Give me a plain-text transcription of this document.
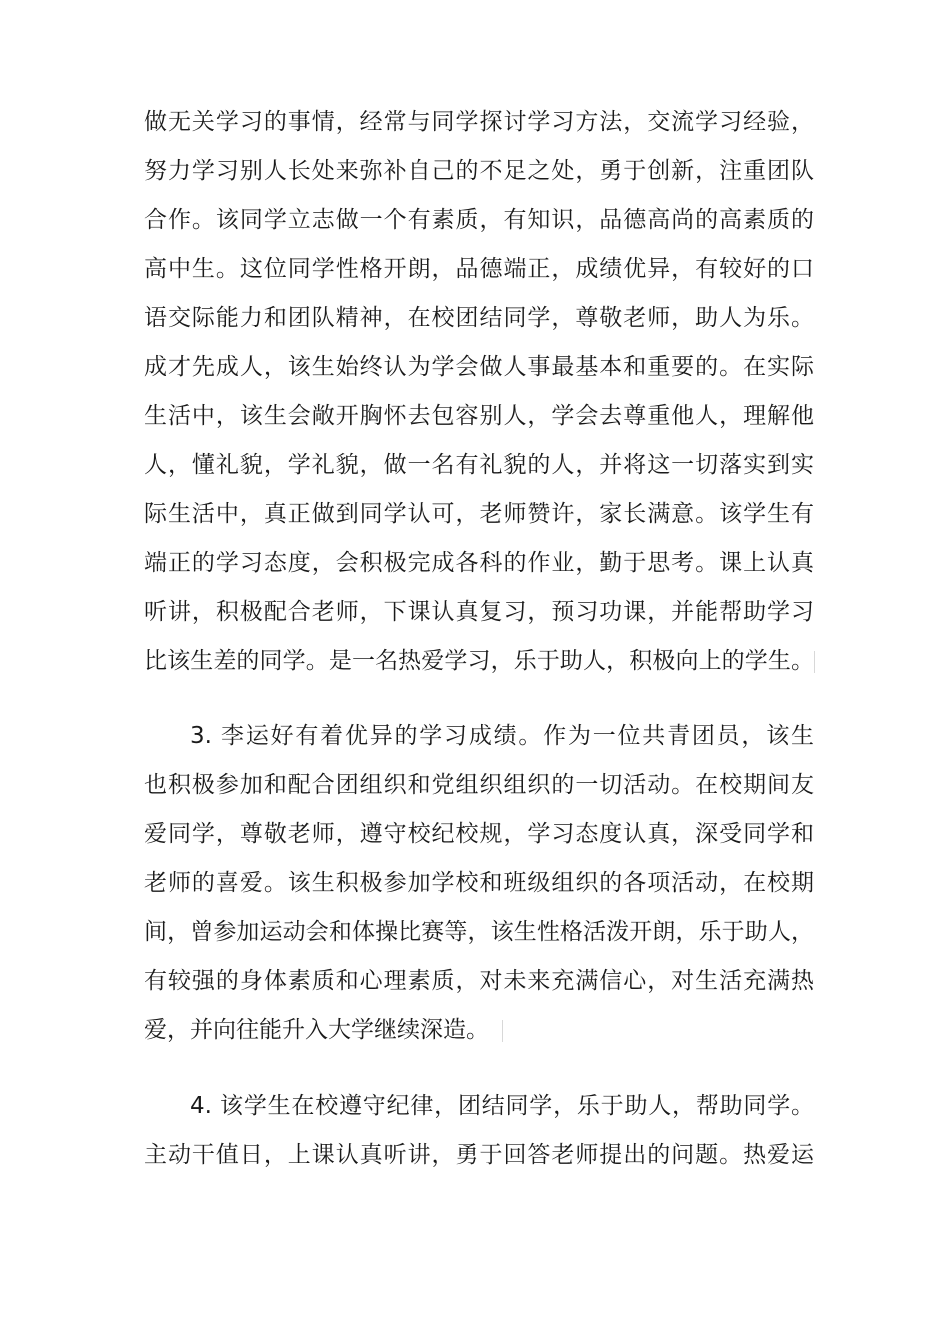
做无关学习的事情，经常与同学探讨学习方法，交流学习经验，
努力学习别人长处来弥补自己的不足之处，勇于创新，注重团队
合作。该同学立志做一个有素质，有知识，品德高尚的高素质的
高中生。这位同学性格开朗，品德端正，成绩优异，有较好的口
语交际能力和团队精神，在校团结同学，尊敬老师，助人为乐。
成才先成人，该生始终认为学会做人事最基本和重要的。在实际
生活中，该生会敞开胸怀去包容别人，学会去尊重他人，理解他
人，懂礼貌，学礼貌，做一名有礼貌的人，并将这一切落实到实
际生活中，真正做到同学认可，老师赞许，家长满意。该学生有
端正的学习态度，会积极完成各科的作业，勤于思考。课上认真
听讲，积极配合老师，下课认真复习，预习功课，并能帮助学习
比该生差的同学。是一名热爱学习，乐于助人，积极向上的学生。
3. 李运好有着优异的学习成绩。作为一位共青团员，该生
也积极参加和配合团组织和党组织组织的一切活动。在校期间友
爱同学，尊敬老师，遵守校纪校规，学习态度认真，深受同学和
老师的喜爱。该生积极参加学校和班级组织的各项活动，在校期
间，曾参加运动会和体操比赛等，该生性格活泼开朗，乐于助人，
有较强的身体素质和心理素质，对未来充满信心，对生活充满热
爱，并向往能升入大学继续深造。
4. 该学生在校遵守纪律，团结同学，乐于助人，帮助同学。
主动干值日，上课认真听讲，勇于回答老师提出的问题。热爱运
